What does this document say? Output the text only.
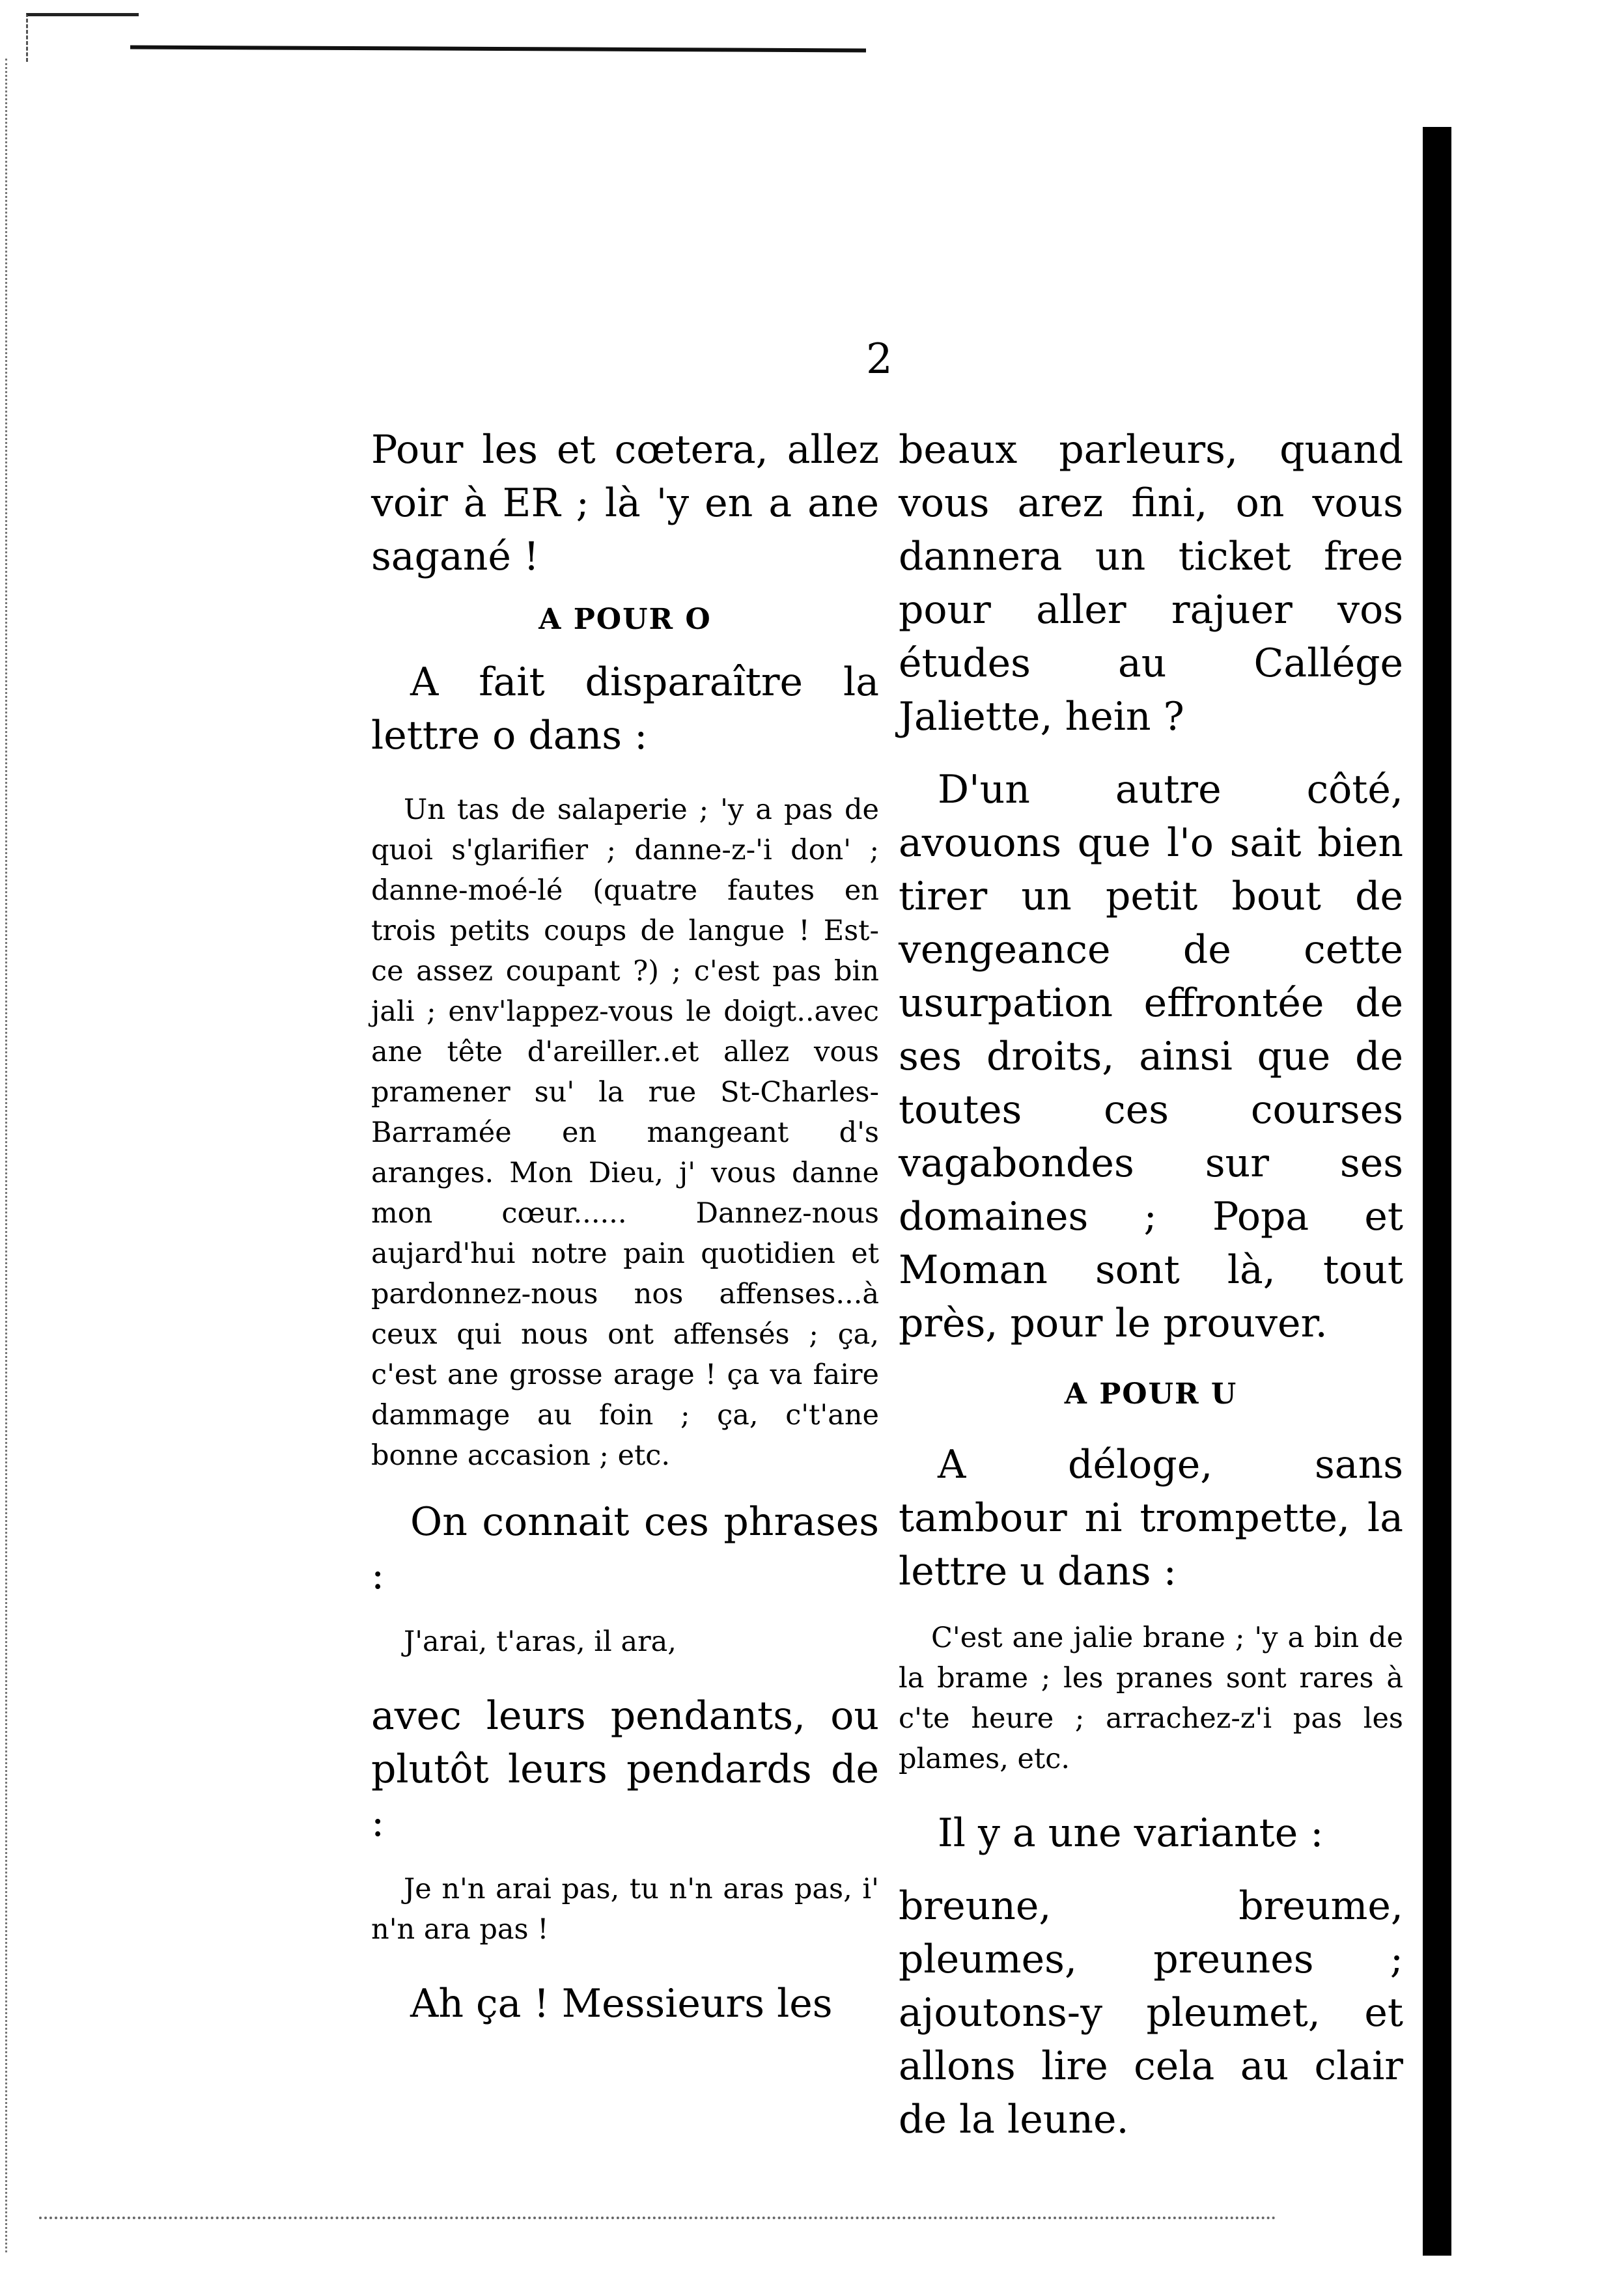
2

Pour les et cœtera, allez voir à ER ; là 'y en a ane sagané !

A POUR O

A fait disparaître la lettre o dans :

Un tas de salaperie ; 'y a pas de quoi s'glarifier ; danne-z-'i don' ; danne-moé-lé (quatre fautes en trois petits coups de langue ! Est-ce assez coupant ?) ; c'est pas bin jali ; env'lappez-vous le doigt..avec ane tête d'areiller..et allez vous pramener su' la rue St-Charles-Barramée en mangeant d's aranges. Mon Dieu, j' vous danne mon cœur...... Dannez-nous aujard'hui notre pain quotidien et pardonnez-nous nos affenses...à ceux qui nous ont affensés ; ça, c'est ane grosse arage ! ça va faire dammage au foin ; ça, c't'ane bonne accasion ; etc.

On connait ces phrases :

J'arai, t'aras, il ara,

avec leurs pendants, ou plutôt leurs pendards de :

Je n'n arai pas, tu n'n aras pas, i' n'n ara pas !

Ah ça ! Messieurs les

beaux parleurs, quand vous arez fini, on vous dannera un ticket free pour aller rajuer vos études au Callége Jaliette, hein ?

D'un autre côté, avouons que l'o sait bien tirer un petit bout de vengeance de cette usurpation effrontée de ses droits, ainsi que de toutes ces courses vagabondes sur ses domaines ; Popa et Moman sont là, tout près, pour le prouver.

A POUR U

A déloge, sans tambour ni trompette, la lettre u dans :

C'est ane jalie brane ; 'y a bin de la brame ; les pranes sont rares à c'te heure ; arrachez-z'i pas les plames, etc.

Il y a une variante :

breune, breume, pleumes, preunes ; ajoutons-y pleumet, et allons lire cela au clair de la leune.
